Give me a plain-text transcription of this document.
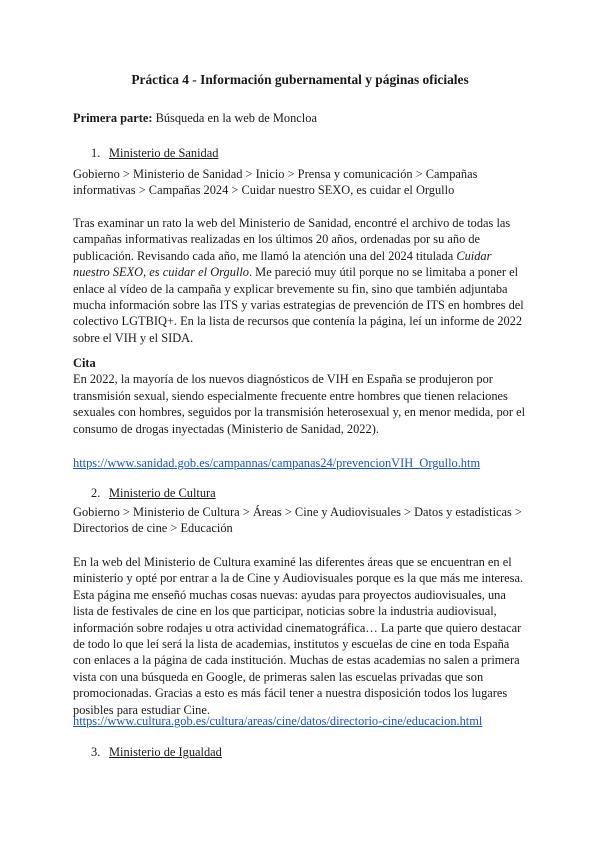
Práctica 4 - Información gubernamental y páginas oficiales
Primera parte: Búsqueda en la web de Moncloa
1. Ministerio de Sanidad
Gobierno > Ministerio de Sanidad > Inicio > Prensa y comunicación > Campañas informativas > Campañas 2024 > Cuidar nuestro SEXO, es cuidar el Orgullo
Tras examinar un rato la web del Ministerio de Sanidad, encontré el archivo de todas las campañas informativas realizadas en los últimos 20 años, ordenadas por su año de publicación. Revisando cada año, me llamó la atención una del 2024 titulada Cuidar nuestro SEXO, es cuidar el Orgullo. Me pareció muy útil porque no se limitaba a poner el enlace al vídeo de la campaña y explicar brevemente su fin, sino que también adjuntaba mucha información sobre las ITS y varias estrategias de prevención de ITS en hombres del colectivo LGTBIQ+. En la lista de recursos que contenía la página, leí un informe de 2022 sobre el VIH y el SIDA.
Cita
En 2022, la mayoría de los nuevos diagnósticos de VIH en España se produjeron por transmisión sexual, siendo especialmente frecuente entre hombres que tienen relaciones sexuales con hombres, seguidos por la transmisión heterosexual y, en menor medida, por el consumo de drogas inyectadas (Ministerio de Sanidad, 2022).
https://www.sanidad.gob.es/campannas/campanas24/prevencionVIH_Orgullo.htm
2. Ministerio de Cultura
Gobierno > Ministerio de Cultura > Áreas > Cine y Audiovisuales > Datos y estadísticas > Directorios de cine > Educación
En la web del Ministerio de Cultura examiné las diferentes áreas que se encuentran en el ministerio y opté por entrar a la de Cine y Audiovisuales porque es la que más me interesa. Esta página me enseñó muchas cosas nuevas: ayudas para proyectos audiovisuales, una lista de festivales de cine en los que participar, noticias sobre la industria audiovisual, información sobre rodajes u otra actividad cinematográfica… La parte que quiero destacar de todo lo que leí será la lista de academias, institutos y escuelas de cine en toda España con enlaces a la página de cada institución. Muchas de estas academias no salen a primera vista con una búsqueda en Google, de primeras salen las escuelas privadas que son promocionadas. Gracias a esto es más fácil tener a nuestra disposición todos los lugares posibles para estudiar Cine.
https://www.cultura.gob.es/cultura/areas/cine/datos/directorio-cine/educacion.html
3. Ministerio de Igualdad
